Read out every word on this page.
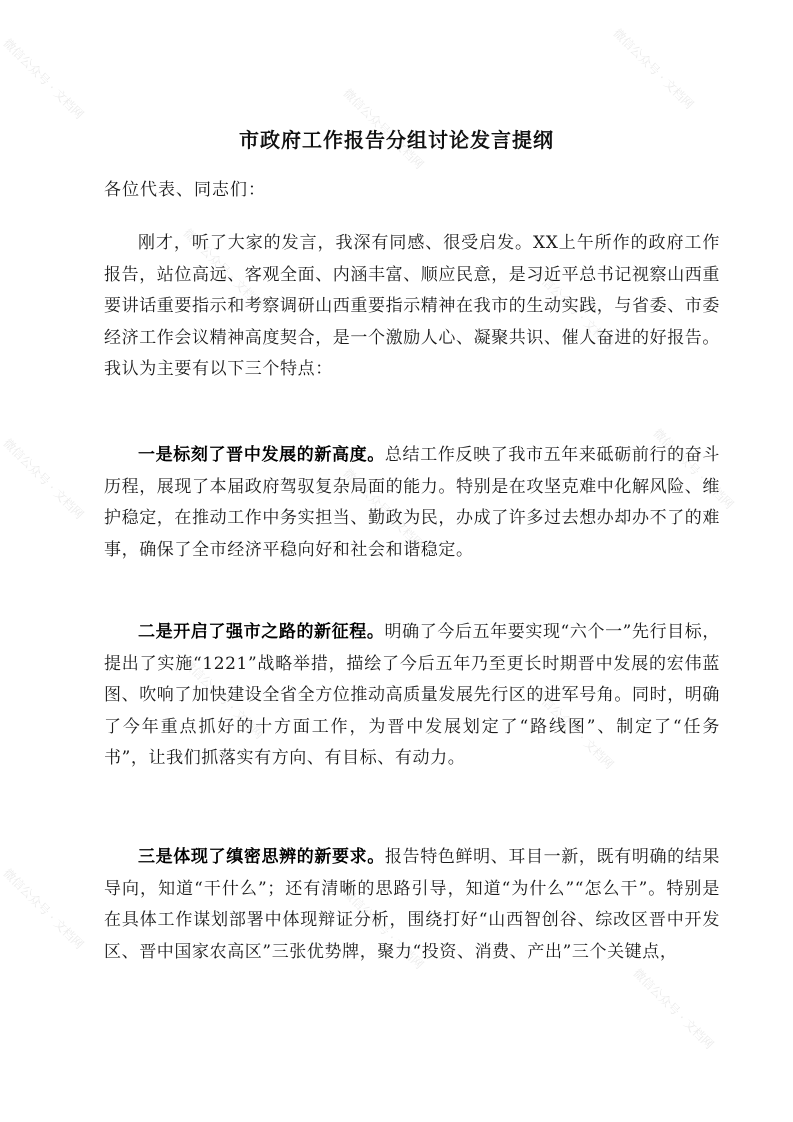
微信公众号 · 文档网
微信公众号 · 文档网
微信公众号 · 文档网
微信公众号 · 文档网	微信公众号 · 文档网
微信公众号 · 文档网	微信公众号 · 文档网	微信公众号 · 文档网
微信公众号 · 文档网	微信公众号 · 文档网
微信公众号 · 文档网	微信公众号 · 文档网
微信公众号 · 文档网
市政府工作报告分组讨论发言提纲
各位代表、同志们：

刚才，听了大家的发言，我深有同感、很受启发。XX上午所作的政府工作报告，站位高远、客观全面、内涵丰富、顺应民意，是习近平总书记视察山西重要讲话重要指示和考察调研山西重要指示精神在我市的生动实践，与省委、市委经济工作会议精神高度契合，是一个激励人心、凝聚共识、催人奋进的好报告。我认为主要有以下三个特点：

一是标刻了晋中发展的新高度。总结工作反映了我市五年来砥砺前行的奋斗历程，展现了本届政府驾驭复杂局面的能力。特别是在攻坚克难中化解风险、维护稳定，在推动工作中务实担当、勤政为民，办成了许多过去想办却办不了的难事，确保了全市经济平稳向好和社会和谐稳定。

二是开启了强市之路的新征程。明确了今后五年要实现“六个一”先行目标，提出了实施“1221”战略举措，描绘了今后五年乃至更长时期晋中发展的宏伟蓝图、吹响了加快建设全省全方位推动高质量发展先行区的进军号角。同时，明确了今年重点抓好的十方面工作，为晋中发展划定了“路线图”、制定了“任务书”，让我们抓落实有方向、有目标、有动力。

三是体现了缜密思辨的新要求。报告特色鲜明、耳目一新，既有明确的结果导向，知道“干什么”；还有清晰的思路引导，知道“为什么”“怎么干”。特别是在具体工作谋划部署中体现辩证分析，围绕打好“山西智创谷、综改区晋中开发区、晋中国家农高区”三张优势牌，聚力“投资、消费、产出”三个关键点，
